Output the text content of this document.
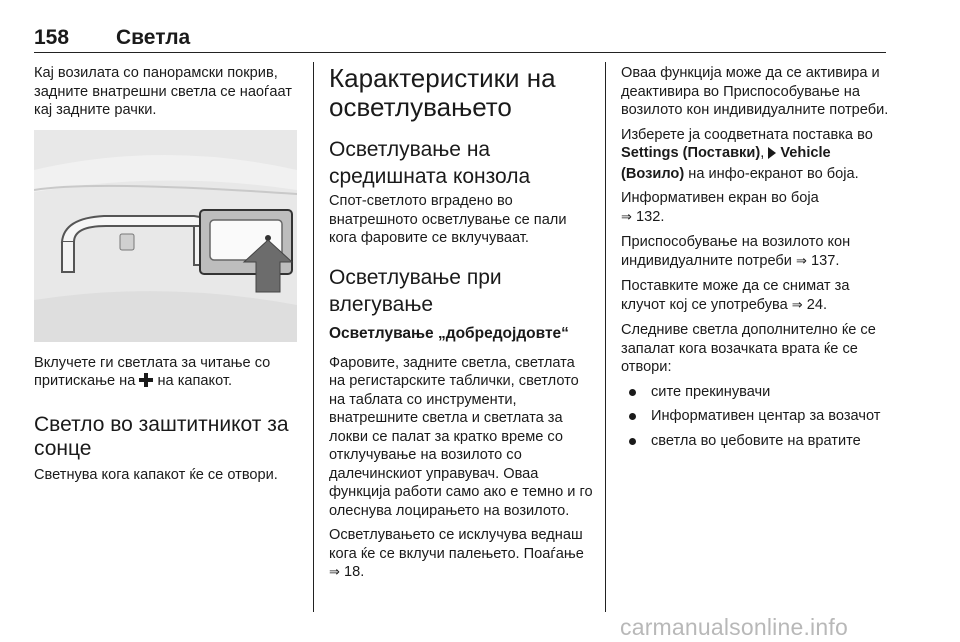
158 Светла

Кај возилата со панорамски покрив, задните внатрешни светла се наоѓаат кај задните рачки.

Вклучете ги светлата за читање со притискање на на капакот.

Светло во заштитникот за сонце

Светнува кога капакот ќе се отвори.

Карактеристики на осветлувањето
Осветлување на средишната конзола

Спот-светлото вградено во внатрешното осветлување се пали кога фаровите се вклучуваат.

Осветлување при влегување
Осветлување „добредојдовте“

Фаровите, задните светла, светлата на регистарските таблички, светлото на таблата со инструменти, внатрешните светла и светлата за локви се палат за кратко време со отклучување на возилото со далечинскиот управувач. Оваа функција работи само ако е темно и го олеснува лоцирањето на возилото.

Осветлувањето се исклучува веднаш кога ќе се вклучи палењето. Поаѓање ⇒ 18.

Оваа функција може да се активира и деактивира во Приспособување на возилото кон индивидуалните потреби.

Изберете ја соодветната поставка во Settings (Поставки), Vehicle (Возило) на инфо-екранот во боја.

Информативен екран во боја
⇒ 132.

Приспособување на возилото кон индивидуалните потреби ⇒ 137.

Поставките може да се снимат за клучот кој се употребува ⇒ 24.

Следниве светла дополнително ќе се запалат кога возачката врата ќе се отвори:

сите прекинувачи
Информативен центар за возачот
светла во џебовите на вратите
carmanualsonline.info
